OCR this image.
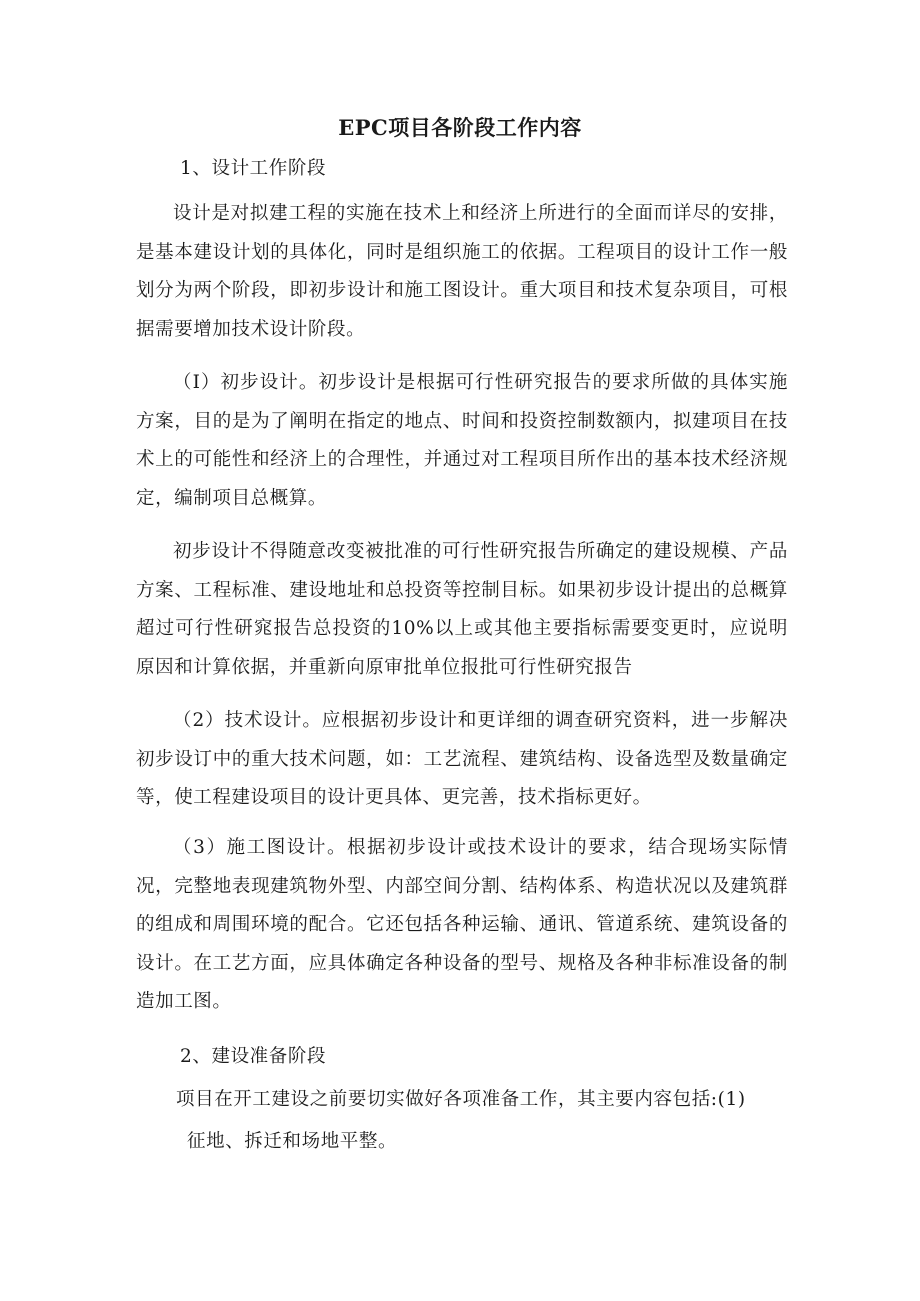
EPC项目各阶段工作内容
1、设计工作阶段
设计是对拟建工程的实施在技术上和经济上所进行的全面而详尽的安排，是基本建设计划的具体化，同时是组织施工的依据。工程项目的设计工作一般划分为两个阶段，即初步设计和施工图设计。重大项目和技术复杂项目，可根据需要增加技术设计阶段。
（I）初步设计。初步设计是根据可行性研究报告的要求所做的具体实施方案，目的是为了阐明在指定的地点、时间和投资控制数额内，拟建项目在技术上的可能性和经济上的合理性，并通过对工程项目所作出的基本技术经济规定，编制项目总概算。
初步设计不得随意改变被批准的可行性研究报告所确定的建设规模、产品方案、工程标准、建设地址和总投资等控制目标。如果初步设计提出的总概算超过可行性研窕报告总投资的10%以上或其他主要指标需要变更时，应说明原因和计算依据，并重新向原审批单位报批可行性研究报告
（2）技术设计。应根据初步设计和更详细的调查研究资料，进一步解决初步设订中的重大技术问题，如：工艺流程、建筑结构、设备选型及数量确定等，使工程建设项目的设计更具体、更完善，技术指标更好。
（3）施工图设计。根据初步设计或技术设计的要求，结合现场实际情况，完整地表现建筑物外型、内部空间分割、结构体系、构造状况以及建筑群的组成和周围环境的配合。它还包括各种运输、通讯、管道系统、建筑设备的设计。在工艺方面，应具体确定各种设备的型号、规格及各种非标准设备的制造加工图。
2、建设准备阶段
项目在开工建设之前要切实做好各项准备工作，其主要内容包括:(1)
征地、拆迁和场地平整。
